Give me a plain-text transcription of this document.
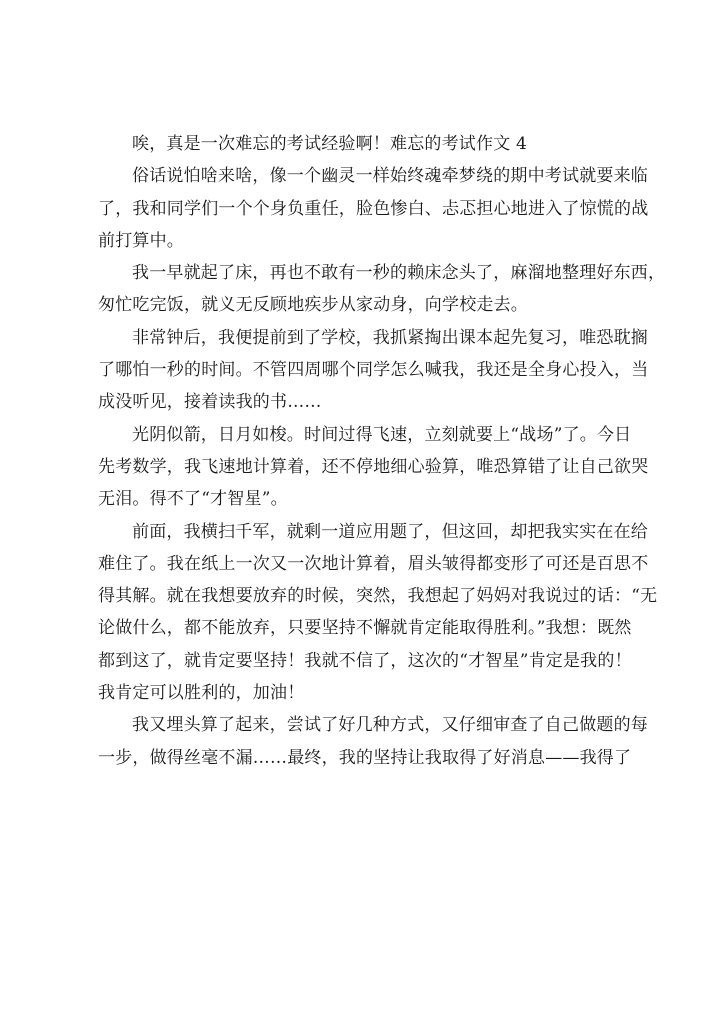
唉，真是一次难忘的考试经验啊！难忘的考试作文 4
俗话说怕啥来啥，像一个幽灵一样始终魂牵梦绕的期中考试就要来临
了，我和同学们一个个身负重任，脸色惨白、忐忑担心地进入了惊慌的战
前打算中。
我一早就起了床，再也不敢有一秒的赖床念头了，麻溜地整理好东西，
匆忙吃完饭，就义无反顾地疾步从家动身，向学校走去。
非常钟后，我便提前到了学校，我抓紧掏出课本起先复习，唯恐耽搁
了哪怕一秒的时间。不管四周哪个同学怎么喊我，我还是全身心投入，当
成没听见，接着读我的书……
光阴似箭，日月如梭。时间过得飞速，立刻就要上“战场”了。今日
先考数学，我飞速地计算着，还不停地细心验算，唯恐算错了让自己欲哭
无泪。得不了“才智星”。
前面，我横扫千军，就剩一道应用题了，但这回，却把我实实在在给
难住了。我在纸上一次又一次地计算着，眉头皱得都变形了可还是百思不
得其解。就在我想要放弃的时候，突然，我想起了妈妈对我说过的话：“无
论做什么，都不能放弃，只要坚持不懈就肯定能取得胜利。”我想：既然
都到这了，就肯定要坚持！我就不信了，这次的“才智星”肯定是我的！
我肯定可以胜利的，加油！
我又埋头算了起来，尝试了好几种方式，又仔细审查了自己做题的每
一步，做得丝毫不漏……最终，我的坚持让我取得了好消息——我得了
